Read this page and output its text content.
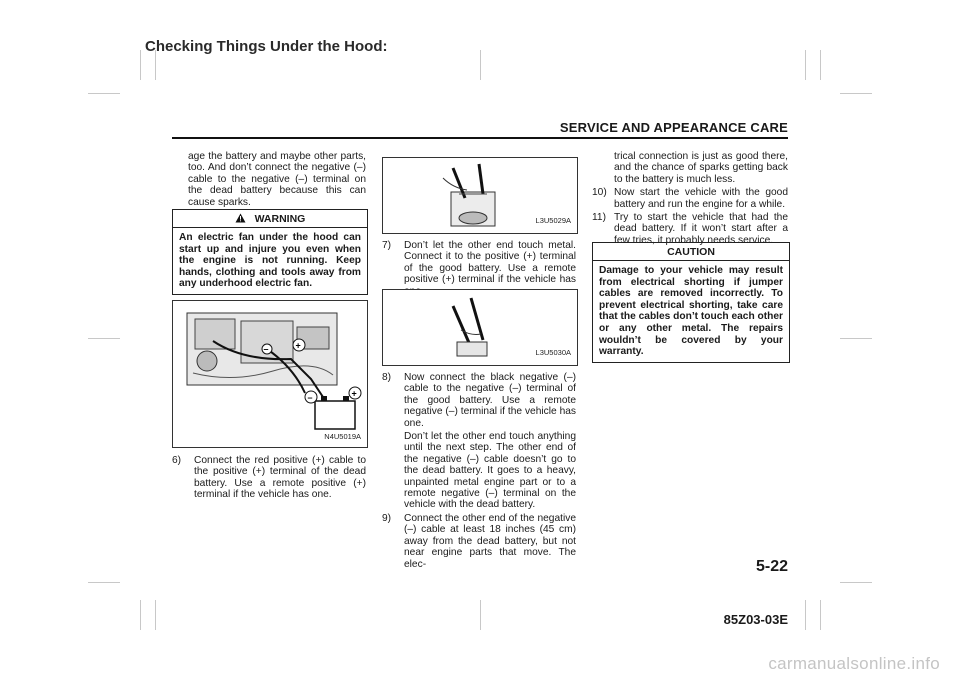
Checking Things Under the Hood:
SERVICE AND APPEARANCE CARE

age the battery and maybe other parts, too. And don’t connect the negative (–) cable to the negative (–) terminal on the dead battery because this can cause sparks.

WARNING
An electric fan under the hood can start up and injure you even when the engine is not running. Keep hands, clothing and tools away from any underhood electric fan.
+
–
–	+
N4U5019A
6)	Connect the red positive (+) cable to the positive (+) terminal of the dead battery. Use a remote positive (+) terminal if the vehicle has one.
L3U5029A
7)	Don’t let the other end touch metal. Connect it to the positive (+) terminal of the good battery. Use a remote positive (+) terminal if the vehicle has
L3U5030A
8)	Now connect the black negative (–) cable to the negative (–) terminal of the good battery. Use a remote negative (–) terminal if the vehicle has one.

Don’t let the other end touch anything until the next step. The other end of the negative (–) cable doesn’t go to the dead battery. It goes to a heavy, unpainted metal engine part or to a remote negative (–) terminal on the vehicle with the dead battery.

9)	Connect the other end of the negative (–) cable at least 18 inches (45 cm) away from the dead battery, but not near engine parts that move. The elec-

trical connection is just as good there, and the chance of sparks getting back to the battery is much less.

10) Now start the vehicle with the good battery and run the engine for a while.
11) Try to start the vehicle that had the dead battery. If it won’t start after a few tries, it probably needs service.
CAUTION
Damage to your vehicle may result from electrical shorting if jumper cables are removed incorrectly. To prevent electrical shorting, take care that the cables don’t touch each other or any other metal. The repairs wouldn’t be covered by your warranty.
5-22
85Z03-03E
carmanualsonline.info
